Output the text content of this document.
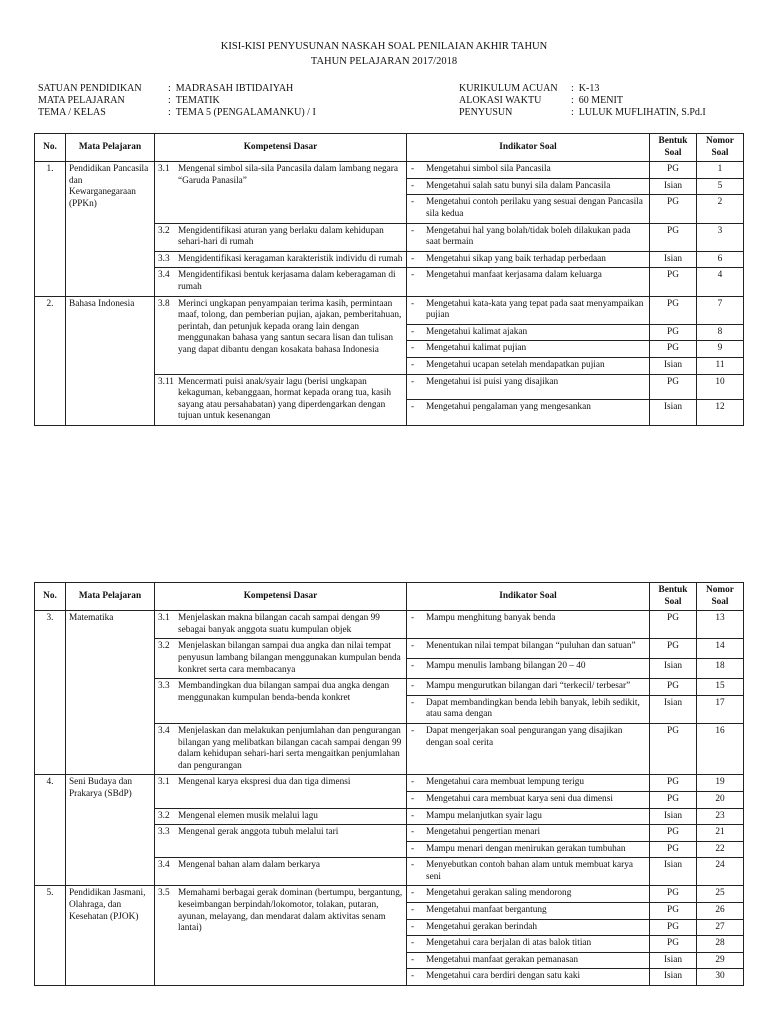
KISI-KISI PENYUSUNAN NASKAH SOAL PENILAIAN AKHIR TAHUN
TAHUN PELAJARAN 2017/2018
SATUAN PENDIDIKAN	:  MADRASAH IBTIDAIYAH
MATA PELAJARAN	:  TEMATIK
TEMA / KELAS	:  TEMA 5 (PENGALAMANKU) / I
KURIKULUM ACUAN :  K-13
ALOKASI WAKTU	:  60 MENIT
PENYUSUN	:  LULUK MUFLIHATIN, S.Pd.I
No.	Mata Pelajaran	Kompetensi Dasar	Indikator Soal	Bentuk Soal	Nomor Soal
1.	Pendidikan Pancasila dan Kewarganegaraan (PPKn)	3.1 Mengenal simbol sila-sila Pancasila dalam lambang negara “Garuda Panasila”	- Mengetahui simbol sila Pancasila	PG	1

			- Mengetahui salah satu bunyi sila dalam Pancasila	Isian	5

			- Mengetahui contoh perilaku yang sesuai dengan Pancasila sila kedua	PG	2

		3.2 Mengidentifikasi aturan yang berlaku dalam kehidupan sehari-hari di rumah	- Mengetahui hal yang bolah/tidak boleh dilakukan pada saat bermain	PG	3

		3.3 Mengidentifikasi keragaman karakteristik individu di rumah	- Mengetahui sikap yang baik terhadap perbedaan	Isian	6

		3.4 Mengidentifikasi bentuk kerjasama dalam keberagaman di rumah	- Mengetahui manfaat kerjasama dalam keluarga	PG	4
2.	Bahasa Indonesia	3.8 Merinci ungkapan penyampaian terima kasih, permintaan maaf, tolong, dan pemberian pujian, ajakan, pemberitahuan, perintah, dan petunjuk kepada orang lain dengan menggunakan bahasa yang santun secara lisan dan tulisan yang dapat dibantu dengan kosakata bahasa Indonesia	- Mengetahui kata-kata yang tepat pada saat menyampaikan pujian	PG	7

			- Mengetahui kalimat ajakan	PG	8

			- Mengetahui kalimat pujian	PG	9

			- Mengetahui ucapan setelah mendapatkan pujian	Isian	11

		3.11 Mencermati puisi anak/syair lagu (berisi ungkapan kekaguman, kebanggaan, hormat kepada orang tua, kasih sayang atau persahabatan) yang diperdengarkan dengan tujuan untuk kesenangan	- Mengetahui isi puisi yang disajikan	PG	10

			- Mengetahui pengalaman yang mengesankan	Isian	12
No.	Mata Pelajaran	Kompetensi Dasar	Indikator Soal	Bentuk Soal	Nomor Soal
3.	Matematika	3.1 Menjelaskan makna bilangan cacah sampai dengan 99 sebagai banyak anggota suatu kumpulan objek	- Mampu menghitung banyak benda	PG	13

		3.2 Menjelaskan bilangan sampai dua angka dan nilai tempat penyusun lambang bilangan menggunakan kumpulan benda konkret serta cara membacanya	- Menentukan nilai tempat bilangan “puluhan dan satuan”	PG	14

			- Mampu menulis lambang bilangan 20 – 40	Isian	18

		3.3 Membandingkan dua bilangan sampai dua angka dengan menggunakan kumpulan benda-benda konkret	- Mampu mengurutkan bilangan dari “terkecil/ terbesar”	PG	15

			- Dapat membandingkan benda lebih banyak, lebih sedikit, atau sama dengan	Isian	17

		3.4 Menjelaskan dan melakukan penjumlahan dan pengurangan bilangan yang melibatkan bilangan cacah sampai dengan 99 dalam kehidupan sehari-hari serta mengaitkan penjumlahan dan pengurangan	- Dapat mengerjakan soal pengurangan yang disajikan dengan soal cerita	PG	16
4.	Seni Budaya dan Prakarya (SBdP)	3.1 Mengenal karya ekspresi dua dan tiga dimensi	- Mengetahui cara membuat lempung terigu	PG	19

			- Mengetahui cara membuat karya seni dua dimensi	PG	20

		3.2 Mengenal elemen musik melalui lagu	- Mampu melanjutkan syair lagu	Isian	23

		3.3 Mengenal gerak anggota tubuh melalui tari	- Mengetahui pengertian menari	PG	21

			- Mampu menari dengan menirukan gerakan tumbuhan	PG	22

		3.4 Mengenal bahan alam dalam berkarya	- Menyebutkan contoh bahan alam untuk membuat karya seni	Isian	24
5.	Pendidikan Jasmani, Olahraga, dan Kesehatan (PJOK)	3.5 Memahami berbagai gerak dominan (bertumpu, bergantung, keseimbangan berpindah/lokomotor, tolakan, putaran, ayunan, melayang, dan mendarat dalam aktivitas senam lantai)	- Mengetahui gerakan saling mendorong	PG	25

			- Mengetahui manfaat bergantung	PG	26

			- Mengetahui gerakan berindah	PG	27

			- Mengetahui cara berjalan di atas balok titian	PG	28

			- Mengetahui manfaat gerakan pemanasan	Isian	29

			- Mengetahui cara berdiri dengan satu kaki	Isian	30
